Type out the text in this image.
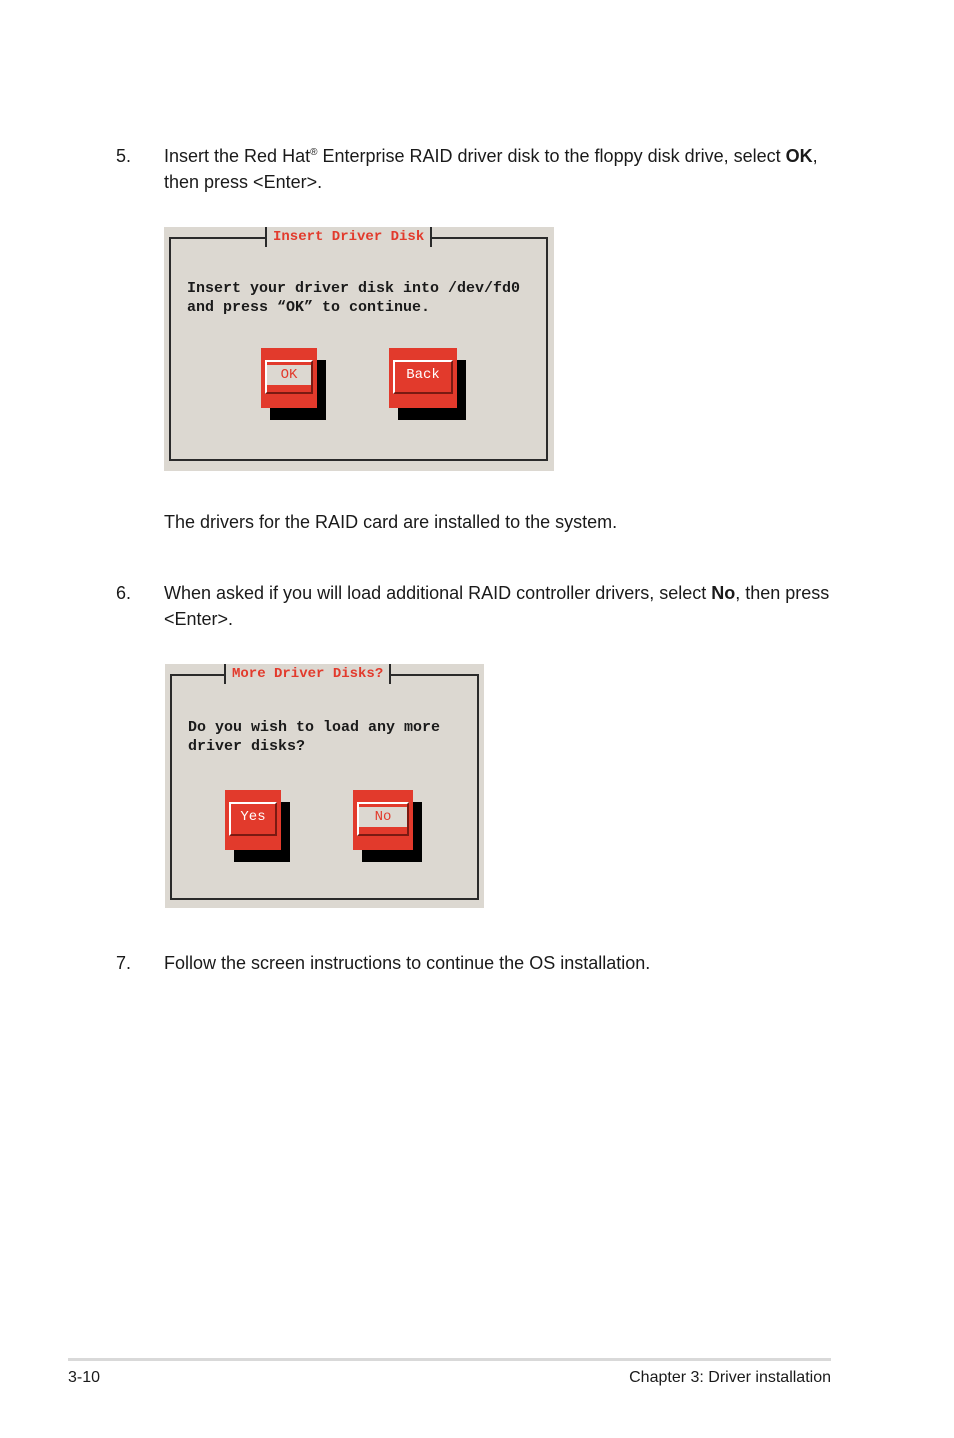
5. Insert the Red Hat® Enterprise RAID driver disk to the floppy disk drive, select OK, then press <Enter>.
Insert Driver Disk
Insert your driver disk into /dev/fd0
and press “OK” to continue.
OK	Back
The drivers for the RAID card are installed to the system.
6. When asked if you will load additional RAID controller drivers, select No, then press <Enter>.
More Driver Disks?
Do you wish to load any more
driver disks?
Yes	No
7. Follow the screen instructions to continue the OS installation.
3-10	Chapter 3: Driver installation
